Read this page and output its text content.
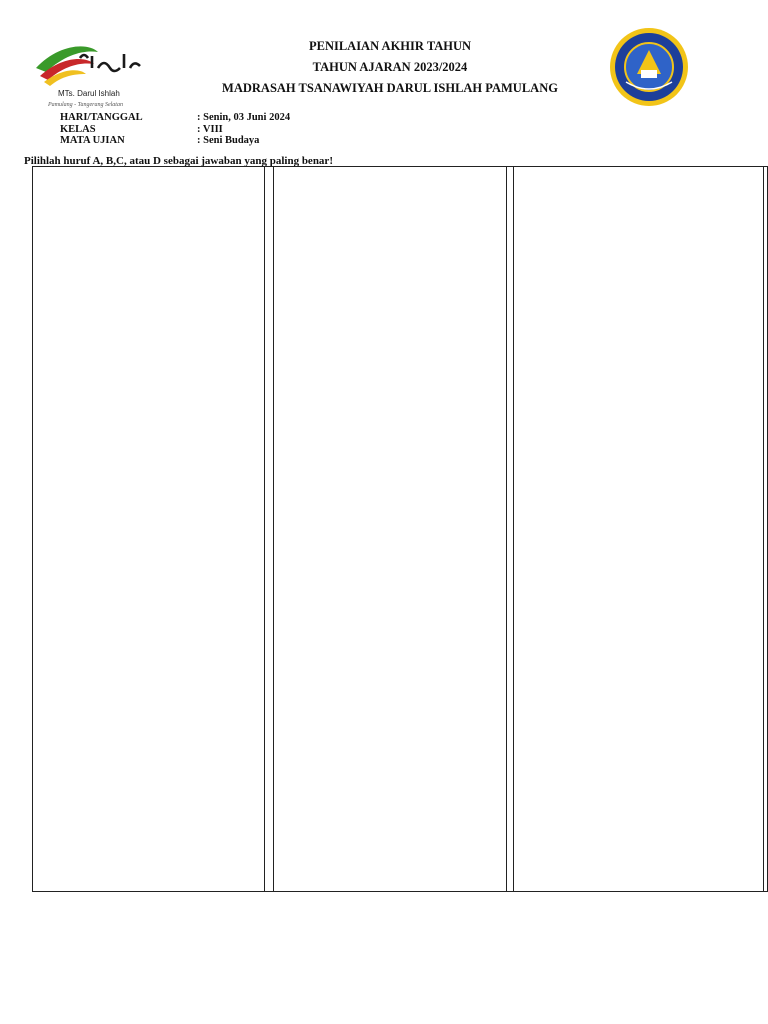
MTs. Darul Ishlah
Pamulang - Tangerang Selatan
PENILAIAN AKHIR TAHUN
TAHUN AJARAN 2023/2024
MADRASAH TSANAWIYAH DARUL ISHLAH PAMULANG
HARI/TANGGAL	: Senin, 03 Juni 2024
KELAS	: VIII
MATA UJIAN	: Seni Budaya
Pilihlah huruf A, B,C, atau D sebagai jawaban yang paling benar!
